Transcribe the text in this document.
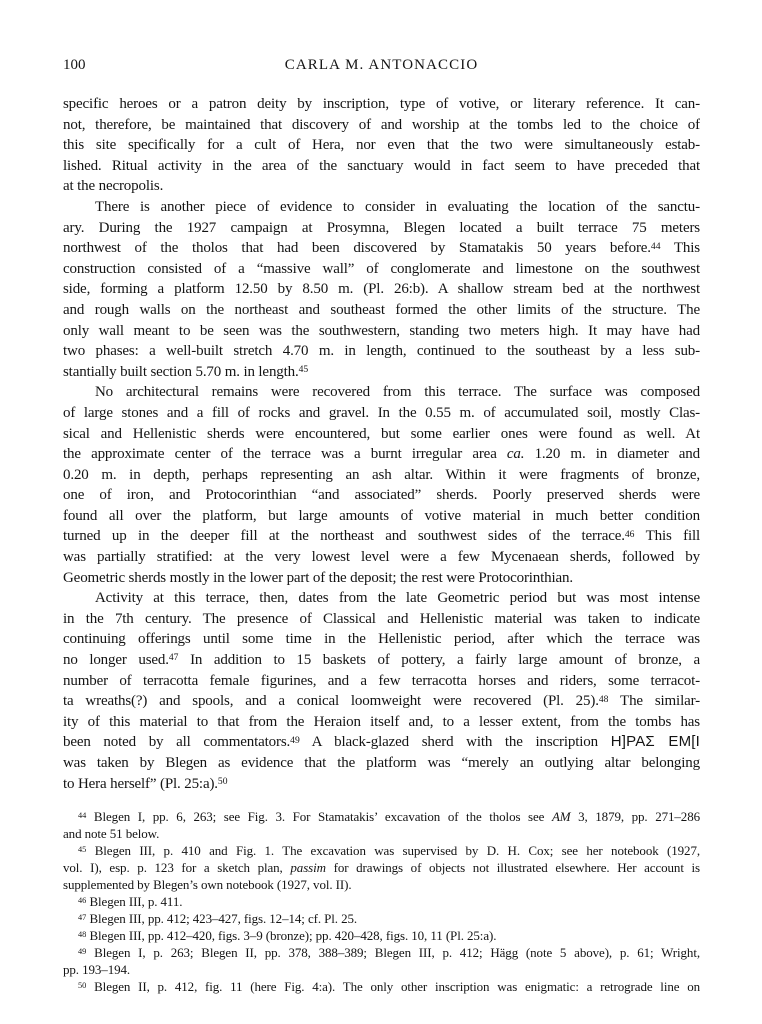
100	CARLA M. ANTONACCIO
specific heroes or a patron deity by inscription, type of votive, or literary reference. It can-
not, therefore, be maintained that discovery of and worship at the tombs led to the choice of
this site specifically for a cult of Hera, nor even that the two were simultaneously estab-
lished. Ritual activity in the area of the sanctuary would in fact seem to have preceded that
at the necropolis.
There is another piece of evidence to consider in evaluating the location of the sanctu-
ary. During the 1927 campaign at Prosymna, Blegen located a built terrace 75 meters
northwest of the tholos that had been discovered by Stamatakis 50 years before.$^{44}$ This
construction consisted of a “massive wall” of conglomerate and limestone on the southwest
side, forming a platform 12.50 by 8.50 m. (Pl. 26:b). A shallow stream bed at the northwest
and rough walls on the northeast and southeast formed the other limits of the structure. The
only wall meant to be seen was the southwestern, standing two meters high. It may have had
two phases: a well-built stretch 4.70 m. in length, continued to the southeast by a less sub-
stantially built section 5.70 m. in length.$^{45}$
No architectural remains were recovered from this terrace. The surface was composed
of large stones and a fill of rocks and gravel. In the 0.55 m. of accumulated soil, mostly Clas-
sical and Hellenistic sherds were encountered, but some earlier ones were found as well. At
the approximate center of the terrace was a burnt irregular area ca. 1.20 m. in diameter and
0.20 m. in depth, perhaps representing an ash altar. Within it were fragments of bronze,
one of iron, and Protocorinthian “and associated” sherds. Poorly preserved sherds were
found all over the platform, but large amounts of votive material in much better condition
turned up in the deeper fill at the northeast and southwest sides of the terrace.$^{46}$ This fill
was partially stratified: at the very lowest level were a few Mycenaean sherds, followed by
Geometric sherds mostly in the lower part of the deposit; the rest were Protocorinthian.
Activity at this terrace, then, dates from the late Geometric period but was most intense
in the 7th century. The presence of Classical and Hellenistic material was taken to indicate
continuing offerings until some time in the Hellenistic period, after which the terrace was
no longer used.$^{47}$ In addition to 15 baskets of pottery, a fairly large amount of bronze, a
number of terracotta female figurines, and a few terracotta horses and riders, some terracot-
ta wreaths(?) and spools, and a conical loomweight were recovered (Pl. 25).$^{48}$ The similar-
ity of this material to that from the Heraion itself and, to a lesser extent, from the tombs has
been noted by all commentators.$^{49}$ A black-glazed sherd with the inscription H]ΡΑΣ ΕΜ[Ι
was taken by Blegen as evidence that the platform was “merely an outlying altar belonging
to Hera herself” (Pl. 25:a).$^{50}$
$^{44}$ Blegen I, pp. 6, 263; see Fig. 3. For Stamatakis’ excavation of the tholos see AM 3, 1879, pp. 271–286
and note 51 below.
$^{45}$ Blegen III, p. 410 and Fig. 1. The excavation was supervised by D. H. Cox; see her notebook (1927,
vol. I), esp. p. 123 for a sketch plan, passim for drawings of objects not illustrated elsewhere. Her account is
supplemented by Blegen’s own notebook (1927, vol. II).
$^{46}$ Blegen III, p. 411.
$^{47}$ Blegen III, pp. 412; 423–427, figs. 12–14; cf. Pl. 25.
$^{48}$ Blegen III, pp. 412–420, figs. 3–9 (bronze); pp. 420–428, figs. 10, 11 (Pl. 25:a).
$^{49}$ Blegen I, p. 263; Blegen II, pp. 378, 388–389; Blegen III, p. 412; Hägg (note 5 above), p. 61; Wright,
pp. 193–194.
$^{50}$ Blegen II, p. 412, fig. 11 (here Fig. 4:a). The only other inscription was enigmatic: a retrograde line on
